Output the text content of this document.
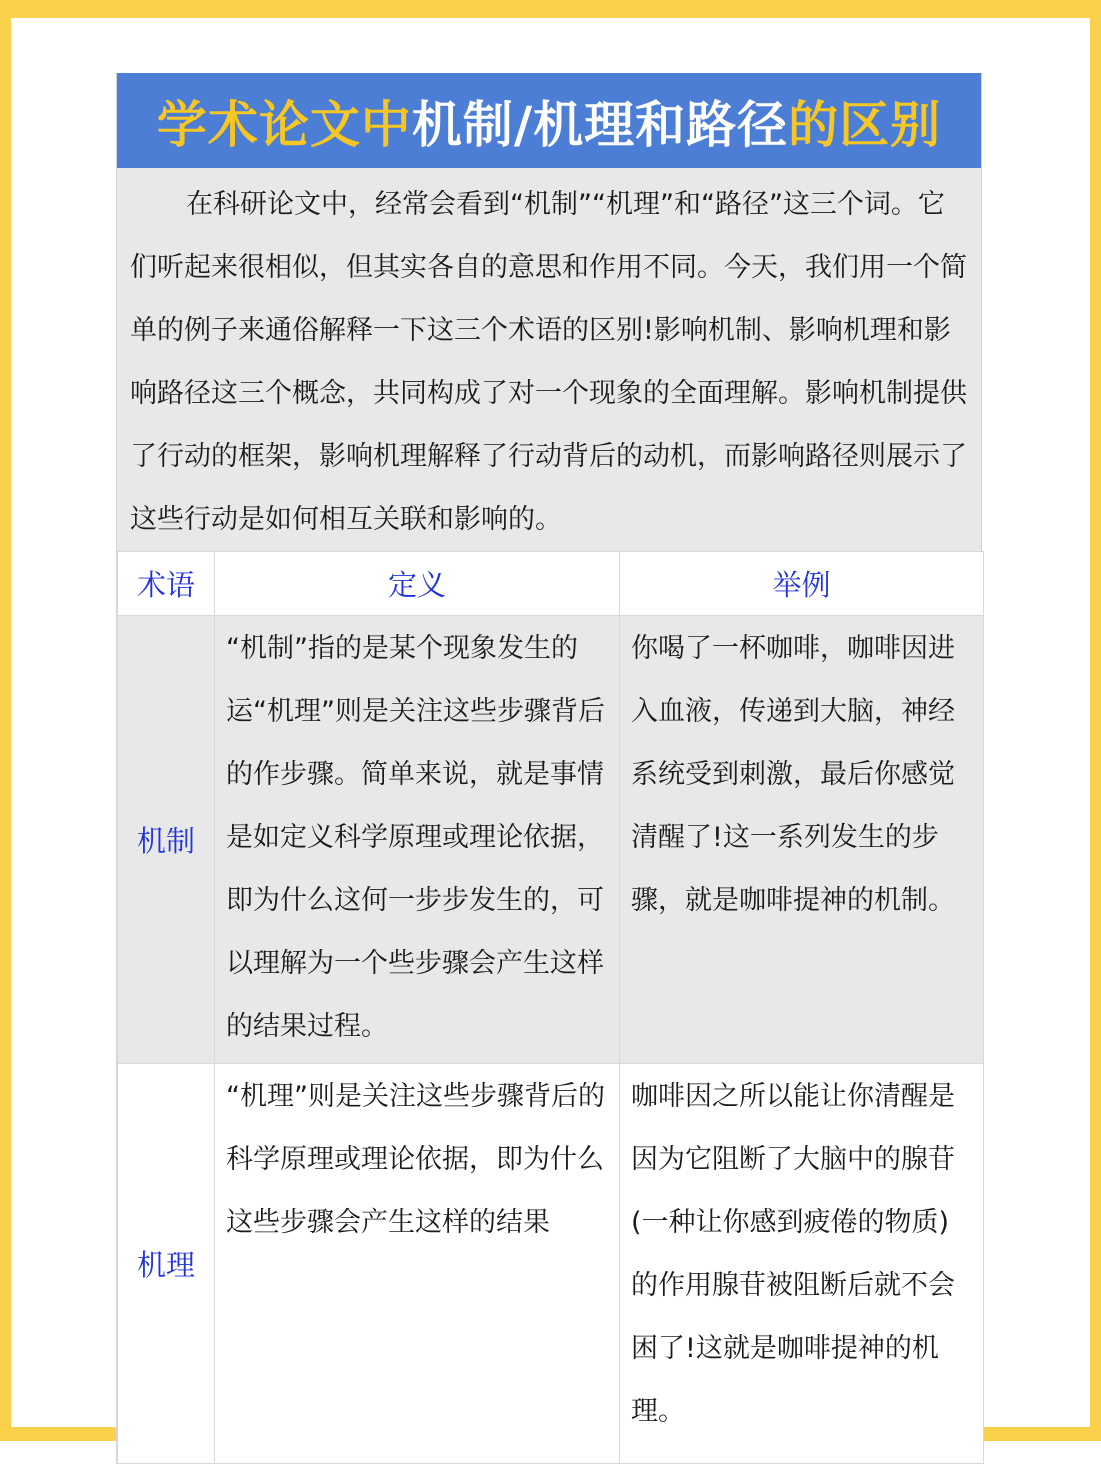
学术论文中 机制/机理和路径 的区别
在科研论文中，经常会看到“机制”“机理”和“路径”这三个词。它们听起来很相似，但其实各自的意思和作用不同。今天，我们用一个简单的例子来通俗解释一下这三个术语的区别!影响机制、影响机理和影响路径这三个概念，共同构成了对一个现象的全面理解。影响机制提供了行动的框架，影响机理解释了行动背后的动机，而影响路径则展示了这些行动是如何相互关联和影响的。
术语	定义	举例
机制	“机制”指的是某个现象发生的运“机理”则是关注这些步骤背后的作步骤。简单来说，就是事情是如定义科学原理或理论依据，即为什么这何一步步发生的，可以理解为一个些步骤会产生这样的结果过程。	你喝了一杯咖啡，咖啡因进入血液，传递到大脑，神经系统受到刺激，最后你感觉清醒了!这一系列发生的步骤，就是咖啡提神的机制。

机理	“机理”则是关注这些步骤背后的科学原理或理论依据，即为什么这些步骤会产生这样的结果	咖啡因之所以能让你清醒是因为它阻断了大脑中的腺苷(一种让你感到疲倦的物质)的作用腺苷被阻断后就不会困了!这就是咖啡提神的机理。
